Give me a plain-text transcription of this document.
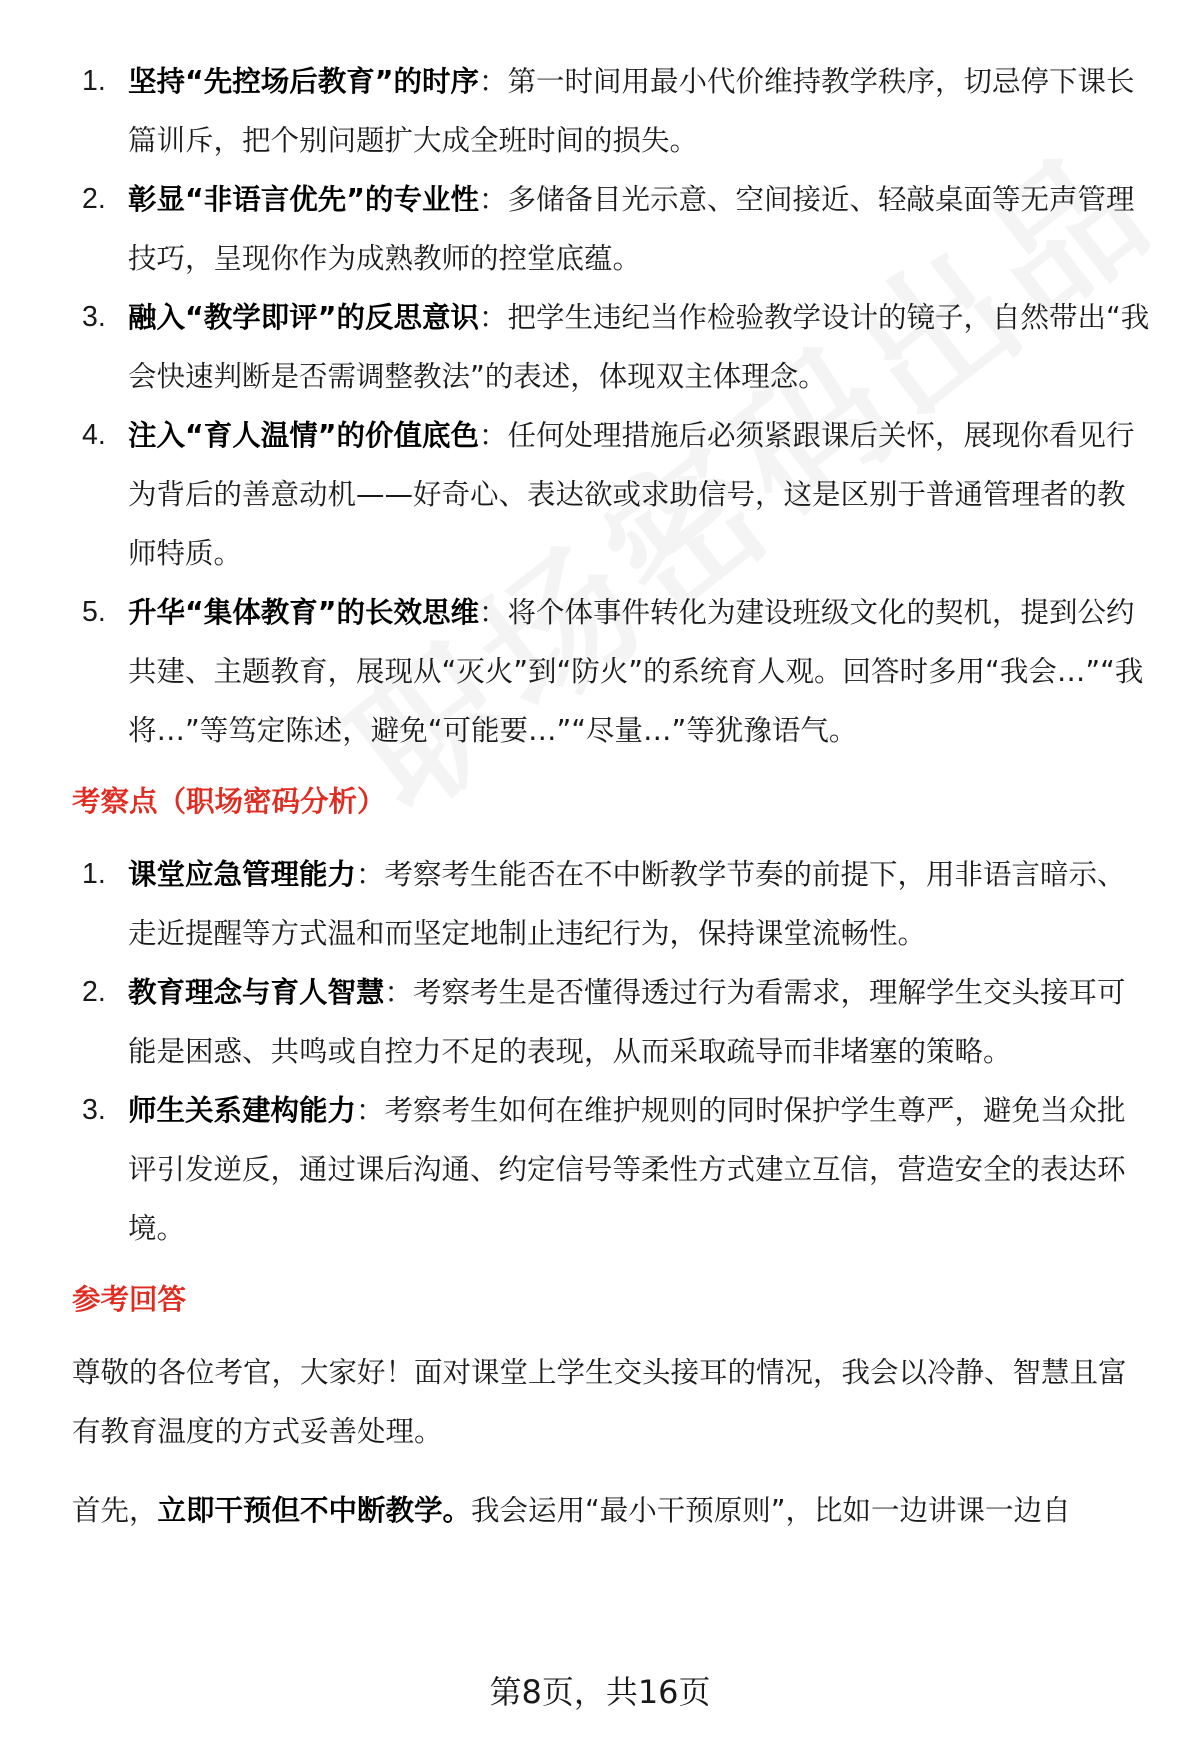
1. 坚持“先控场后教育”的时序：第一时间用最小代价维持教学秩序，切忌停下课长篇训斥，把个别问题扩大成全班时间的损失。
2. 彰显“非语言优先”的专业性：多储备目光示意、空间接近、轻敲桌面等无声管理技巧，呈现你作为成熟教师的控堂底蕴。
3. 融入“教学即评”的反思意识：把学生违纪当作检验教学设计的镜子，自然带出“我会快速判断是否需调整教法”的表述，体现双主体理念。
4. 注入“育人温情”的价值底色：任何处理措施后必须紧跟课后关怀，展现你看见行为背后的善意动机——好奇心、表达欲或求助信号，这是区别于普通管理者的教师特质。
5. 升华“集体教育”的长效思维：将个体事件转化为建设班级文化的契机，提到公约共建、主题教育，展现从“灭火”到“防火”的系统育人观。回答时多用“我会…”“我将…”等笃定陈述，避免“可能要…”“尽量…”等犹豫语气。
考察点（职场密码分析）
1. 课堂应急管理能力：考察考生能否在不中断教学节奏的前提下，用非语言暗示、走近提醒等方式温和而坚定地制止违纪行为，保持课堂流畅性。
2. 教育理念与育人智慧：考察考生是否懂得透过行为看需求，理解学生交头接耳可能是困惑、共鸣或自控力不足的表现，从而采取疏导而非堵塞的策略。
3. 师生关系建构能力：考察考生如何在维护规则的同时保护学生尊严，避免当众批评引发逆反，通过课后沟通、约定信号等柔性方式建立互信，营造安全的表达环境。
参考回答

尊敬的各位考官，大家好！面对课堂上学生交头接耳的情况，我会以冷静、智慧且富有教育温度的方式妥善处理。

首先，立即干预但不中断教学。我会运用“最小干预原则”，比如一边讲课一边自

第8页，共16页
